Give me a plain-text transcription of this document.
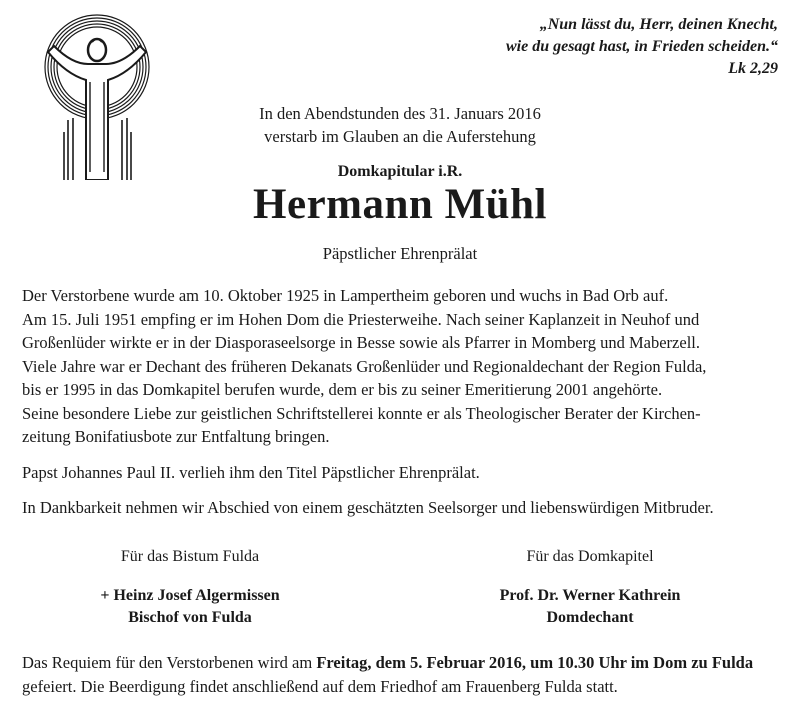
„Nun lässt du, Herr, deinen Knecht,
wie du gesagt hast, in Frieden scheiden.“
Lk 2,29
In den Abendstunden des 31. Januars 2016
verstarb im Glauben an die Auferstehung
Domkapitular i.R.
Hermann Mühl
Päpstlicher Ehrenprälat

Der Verstorbene wurde am 10. Oktober 1925 in Lampertheim geboren und wuchs in Bad Orb auf.

Am 15. Juli 1951 empfing er im Hohen Dom die Priesterweihe. Nach seiner Kaplanzeit in Neuhof und

Großenlüder wirkte er in der Diasporaseelsorge in Besse sowie als Pfarrer in Momberg und Maberzell.

Viele Jahre war er Dechant des früheren Dekanats Großenlüder und Regionaldechant der Region Fulda,

bis er 1995 in das Domkapitel berufen wurde, dem er bis zu seiner Emeritierung 2001 angehörte.

Seine besondere Liebe zur geistlichen Schriftstellerei konnte er als Theologischer Berater der Kirchen-

zeitung Bonifatiusbote zur Entfaltung bringen.

Papst Johannes Paul II. verlieh ihm den Titel Päpstlicher Ehrenprälat.

In Dankbarkeit nehmen wir Abschied von einem geschätzten Seelsorger und liebenswürdigen Mitbruder.

Für das Bistum Fulda
+ Heinz Josef Algermissen
Bischof von Fulda
Für das Domkapitel
Prof. Dr. Werner Kathrein
Domdechant

Das Requiem für den Verstorbenen wird am Freitag, dem 5. Februar 2016, um 10.30 Uhr im Dom zu Fulda

gefeiert. Die Beerdigung findet anschließend auf dem Friedhof am Frauenberg Fulda statt.
